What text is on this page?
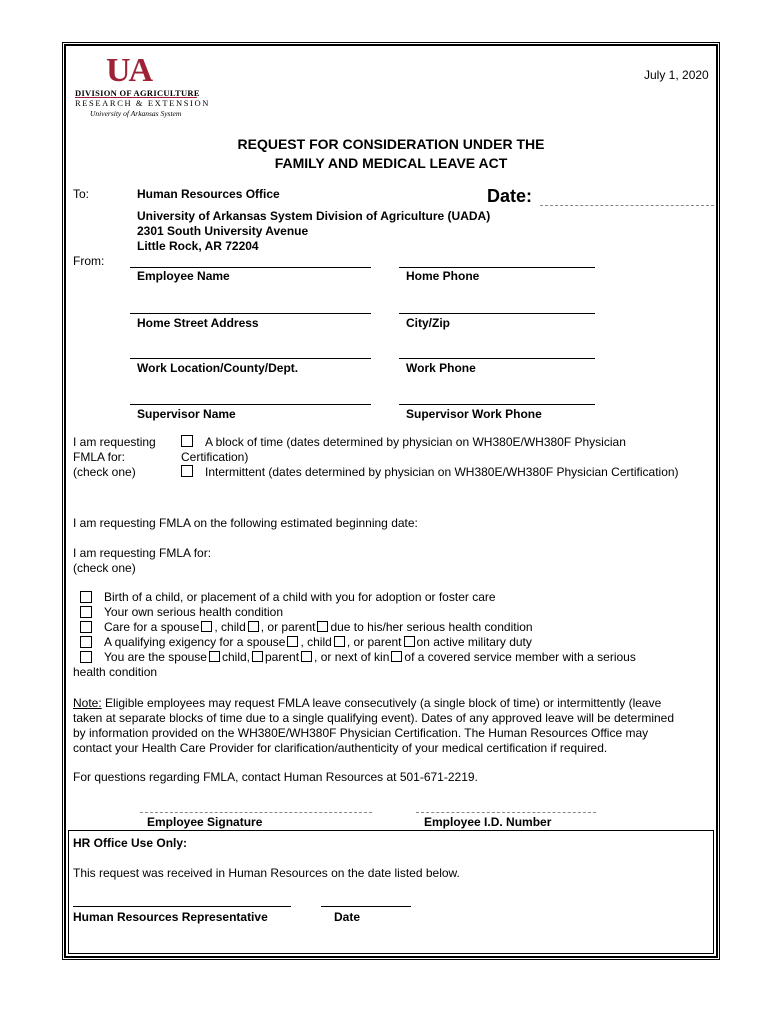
UA
DIVISION OF AGRICULTURE
RESEARCH & EXTENSION
University of Arkansas System
July 1, 2020
REQUEST FOR CONSIDERATION UNDER THE
FAMILY AND MEDICAL LEAVE ACT
To:	Human Resources Office
University of Arkansas System Division of Agriculture (UADA)
2301 South University Avenue
Little Rock, AR 72204
Date:
From:
Employee Name	Home Phone
Home Street Address	City/Zip
Work Location/County/Dept.	Work Phone
Supervisor Name	Supervisor Work Phone
I am requesting
FMLA for:
(check one)
A block of time (dates determined by physician on WH380E/WH380F Physician
Certification)
Intermittent (dates determined by physician on WH380E/WH380F Physician Certification)
I am requesting FMLA on the following estimated beginning date:
I am requesting FMLA for:
(check one)
Birth of a child, or placement of a child with you for adoption or foster care
Your own serious health condition
Care for a spouse , child , or parent due to his/her serious health condition
A qualifying exigency for a spouse , child , or parent on active military duty
You are the spouse child, parent , or next of kin of a covered service member with a serious
health condition
Note: Eligible employees may request FMLA leave consecutively (a single block of time) or intermittently (leave
taken at separate blocks of time due to a single qualifying event). Dates of any approved leave will be determined
by information provided on the WH380E/WH380F Physician Certification. The Human Resources Office may
contact your Health Care Provider for clarification/authenticity of your medical certification if required.
For questions regarding FMLA, contact Human Resources at 501-671-2219.
Employee Signature	Employee I.D. Number
HR Office Use Only:
This request was received in Human Resources on the date listed below.
Human Resources Representative	Date
